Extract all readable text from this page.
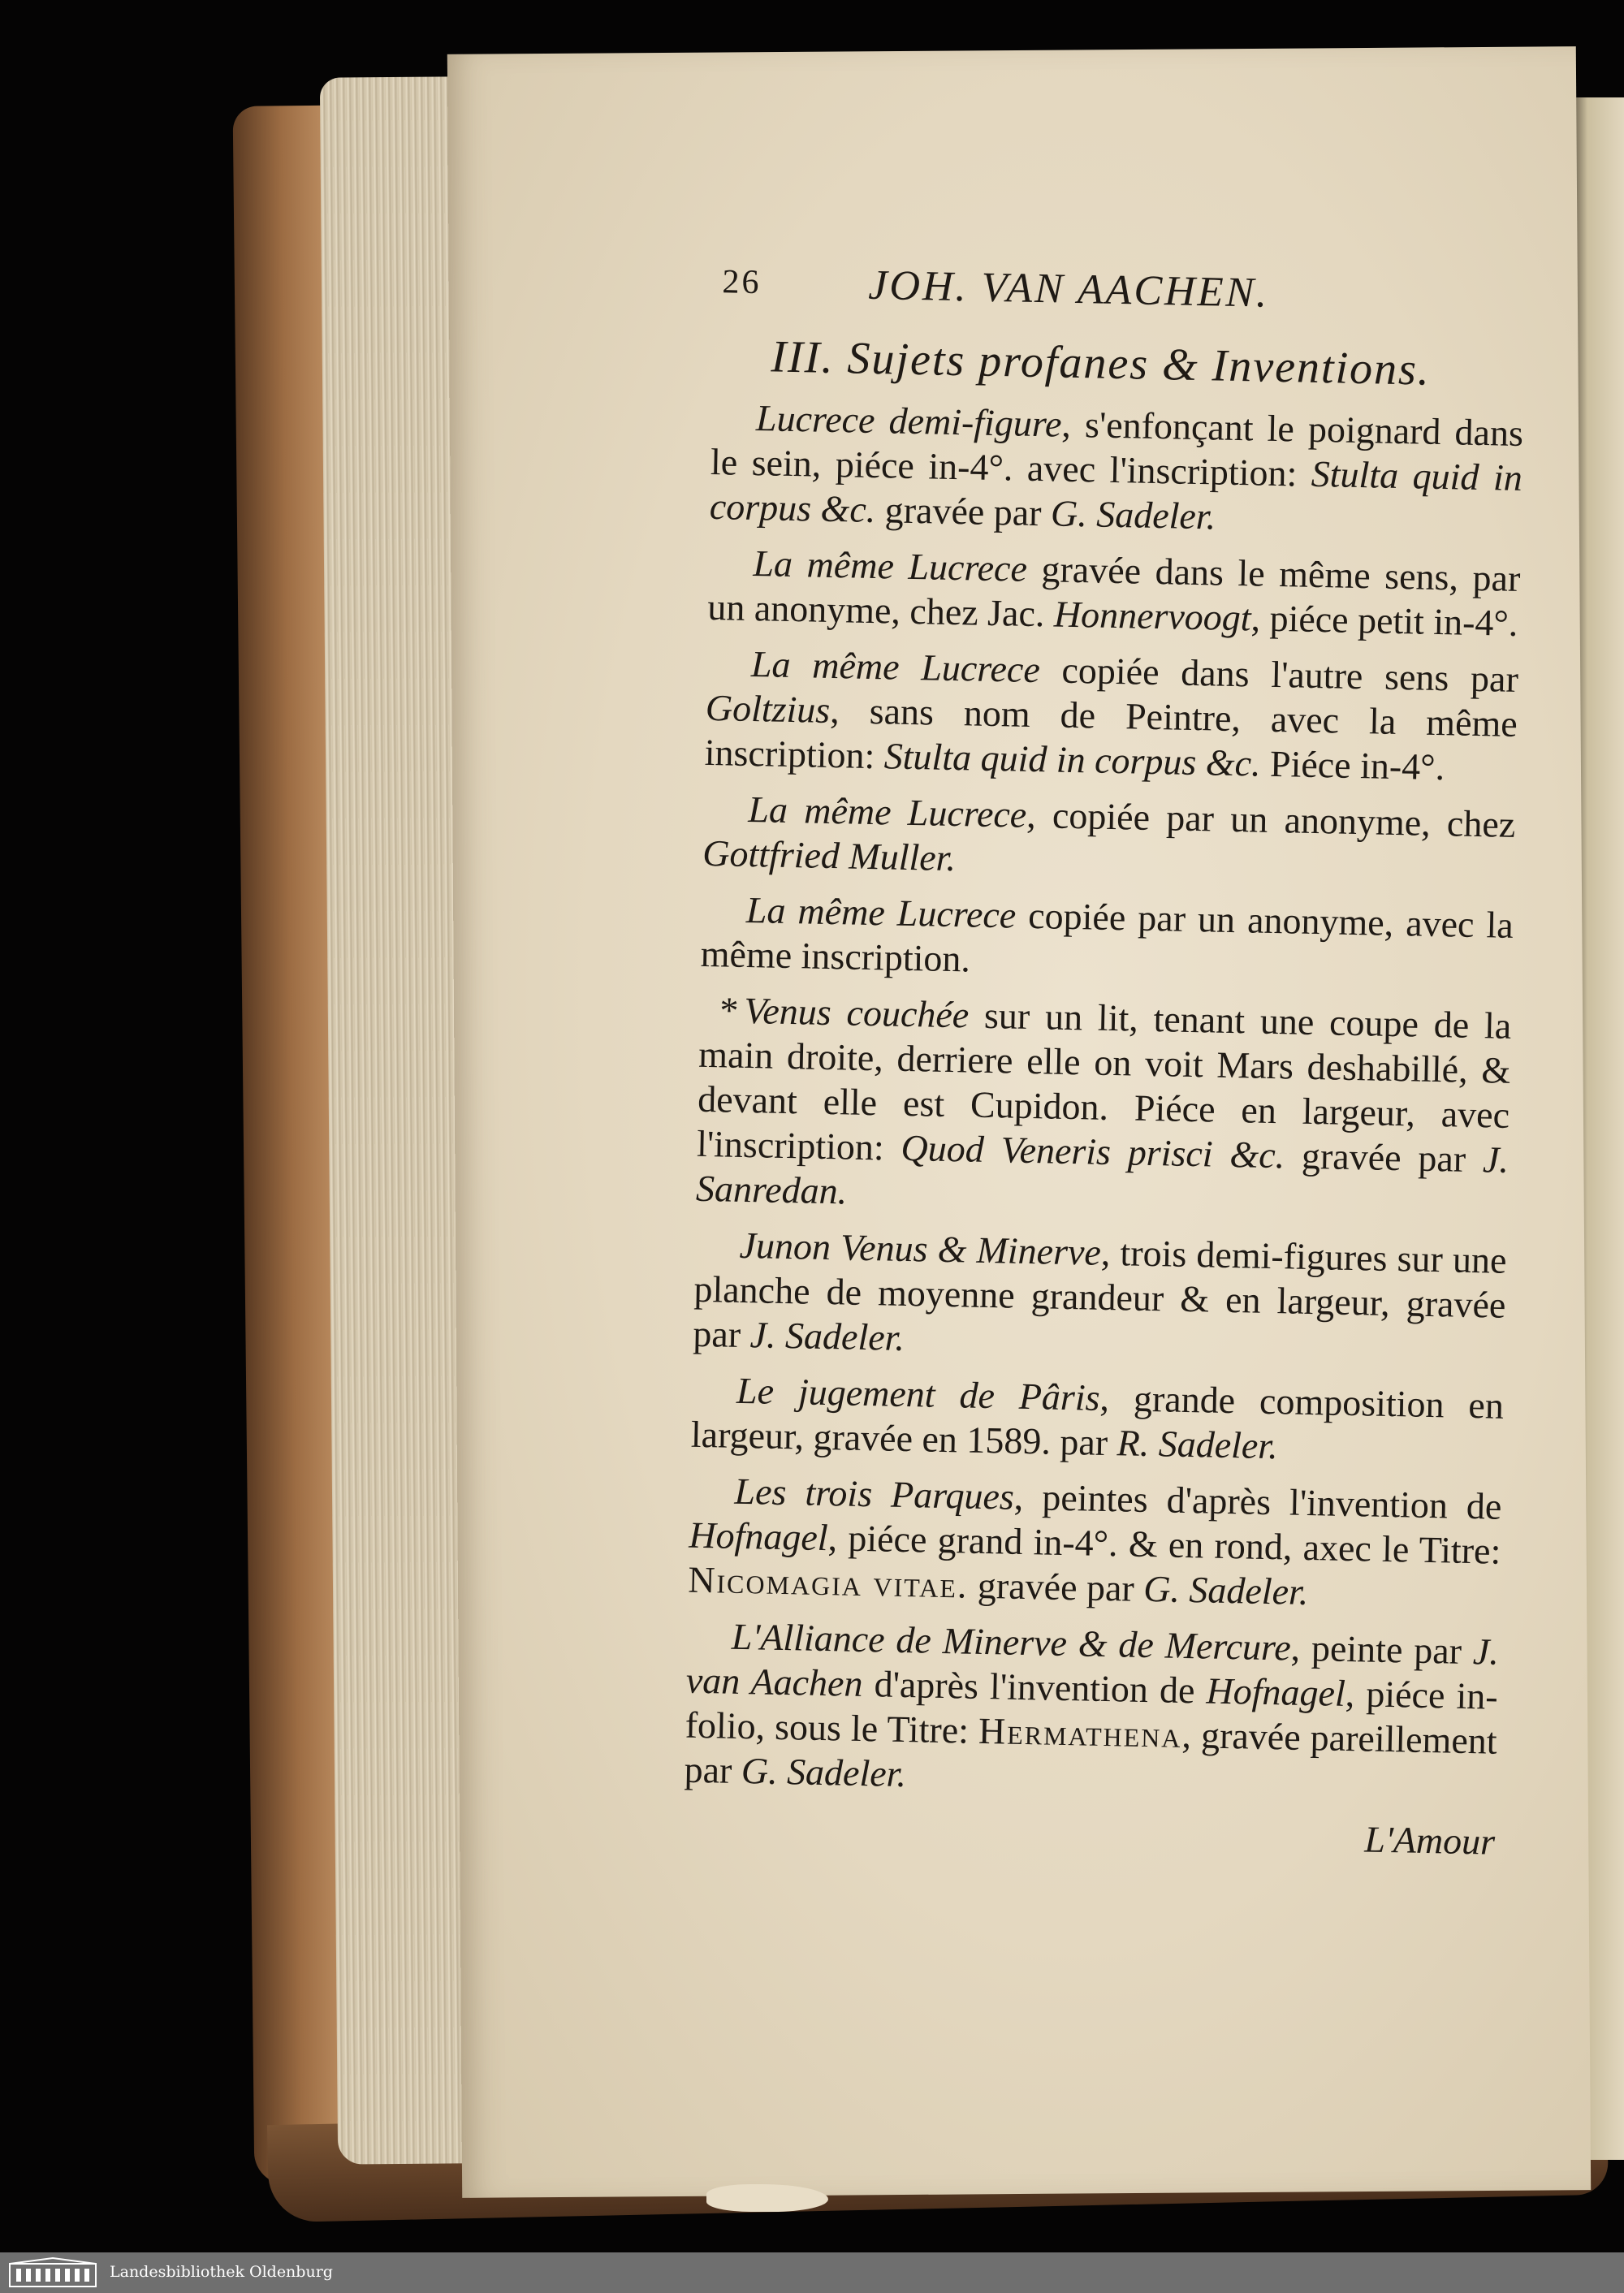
26	JOH. VAN AACHEN.
III. Sujets profanes & Inventions.

Lucrece demi-figure, s'enfonçant le poignard dans le sein, piéce in-4°. avec l'inscription: Stulta quid in corpus &c. gravée par G. Sadeler.

La même Lucrece gravée dans le même sens, par un anonyme, chez Jac. Honnervoogt, piéce petit in-4°.

La même Lucrece copiée dans l'autre sens par Goltzius, sans nom de Peintre, avec la même inscription: Stulta quid in corpus &c. Piéce in-4°.

La même Lucrece, copiée par un anonyme, chez Gottfried Muller.

La même Lucrece copiée par un anonyme, avec la même inscription.

* Venus couchée sur un lit, tenant une coupe de la main droite, derriere elle on voit Mars deshabillé, & devant elle est Cupidon. Piéce en largeur, avec l'inscription: Quod Veneris prisci &c. gravée par J. Sanredan.

Junon Venus & Minerve, trois demi-figures sur une planche de moyenne grandeur & en largeur, gravée par J. Sadeler.

Le jugement de Pâris, grande composition en largeur, gravée en 1589. par R. Sadeler.

Les trois Parques, peintes d'après l'invention de Hofnagel, piéce grand in-4°. & en rond, axec le Titre: Nicomagia vitae. gravée par G. Sadeler.

L'Alliance de Minerve & de Mercure, peinte par J. van Aachen d'après l'invention de Hofnagel, piéce in-folio, sous le Titre: Hermathena, gravée pareillement par G. Sadeler.

L'Amour
Landesbibliothek Oldenburg
